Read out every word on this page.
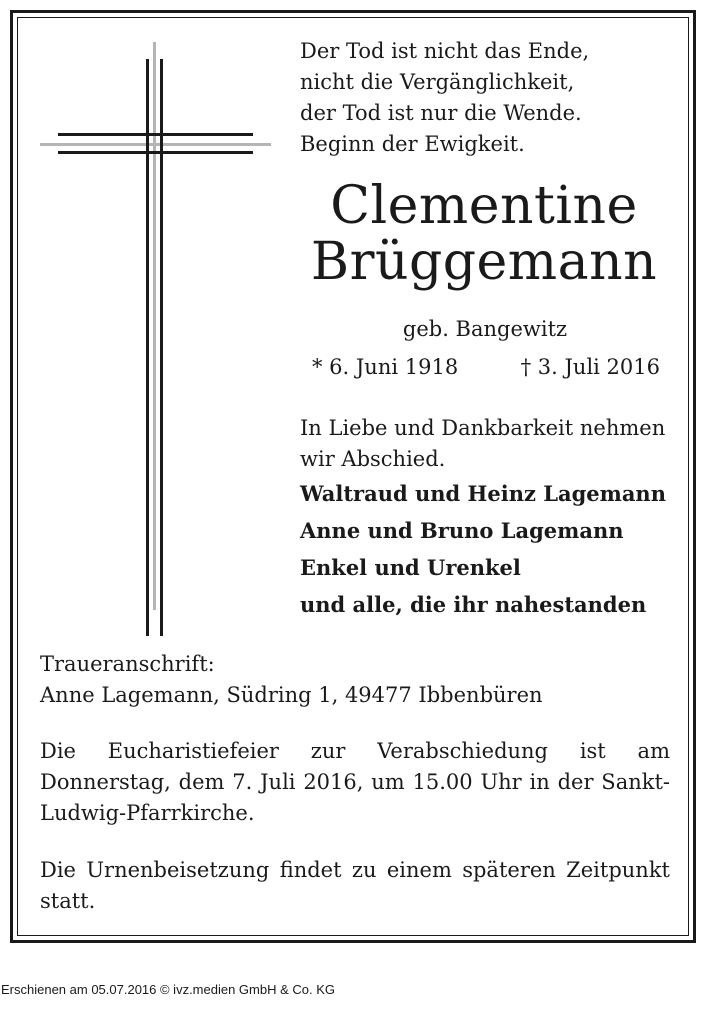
Der Tod ist nicht das Ende,
nicht die Vergänglichkeit,
der Tod ist nur die Wende.
Beginn der Ewigkeit.
Clementine
Brüggemann
geb. Bangewitz
* 6. Juni 1918	† 3. Juli 2016
In Liebe und Dankbarkeit nehmen
wir Abschied.
Waltraud und Heinz Lagemann
Anne und Bruno Lagemann
Enkel und Urenkel
und alle, die ihr nahestanden
Traueranschrift:
Anne Lagemann, Südring 1, 49477 Ibbenbüren
Die Eucharistiefeier zur Verabschiedung ist am Donnerstag, dem 7. Juli 2016, um 15.00 Uhr in der Sankt-Ludwig-Pfarrkirche.
Die Urnenbeisetzung findet zu einem späteren Zeitpunkt statt.
Erschienen am 05.07.2016 © ivz.medien GmbH & Co. KG
